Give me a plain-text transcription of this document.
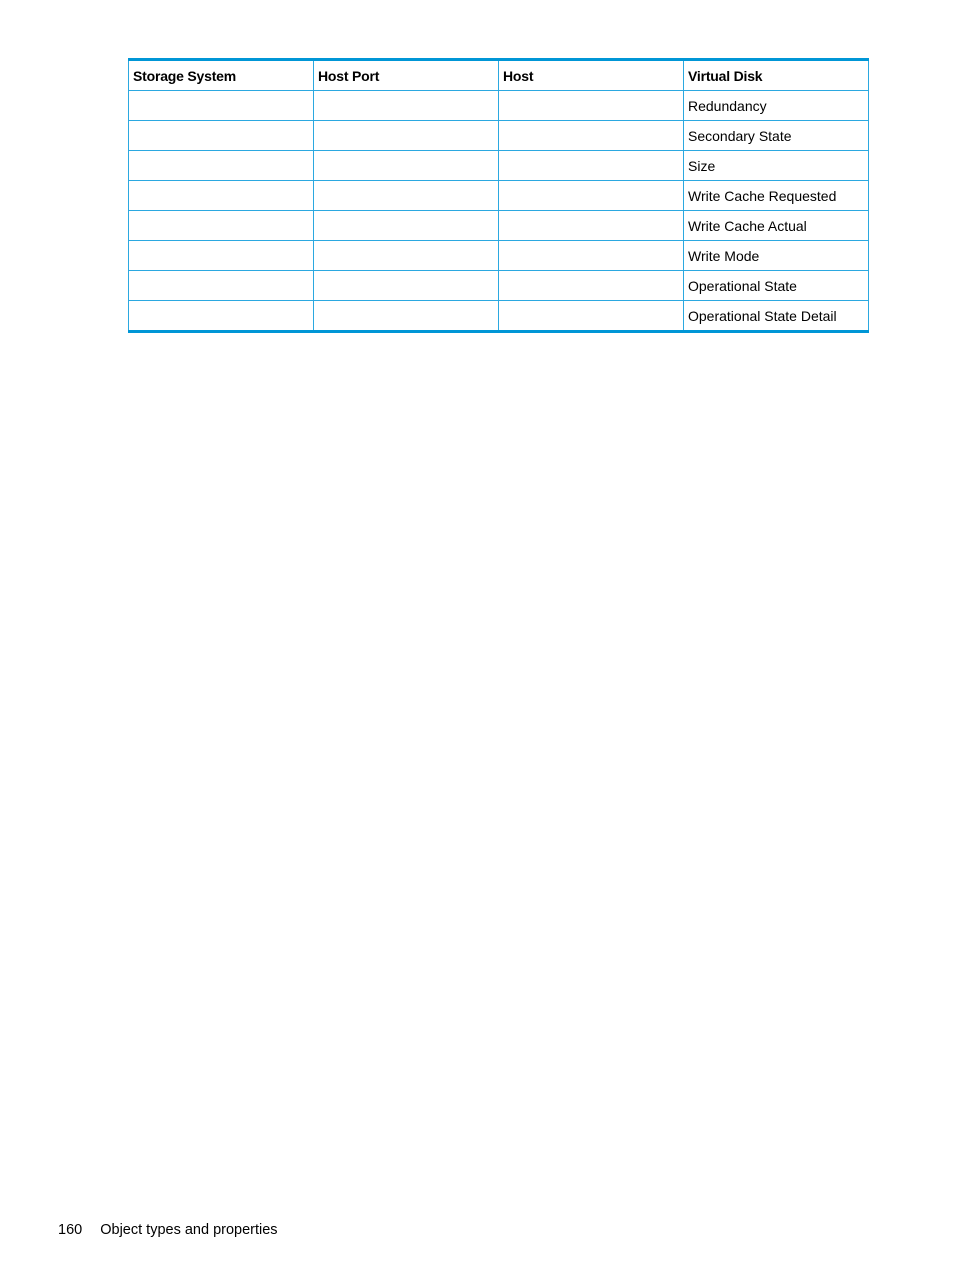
Storage System	Host Port	Host	Virtual Disk
			Redundancy
			Secondary State
			Size
			Write Cache Requested
			Write Cache Actual
			Write Mode
			Operational State
			Operational State Detail
160 Object types and properties
